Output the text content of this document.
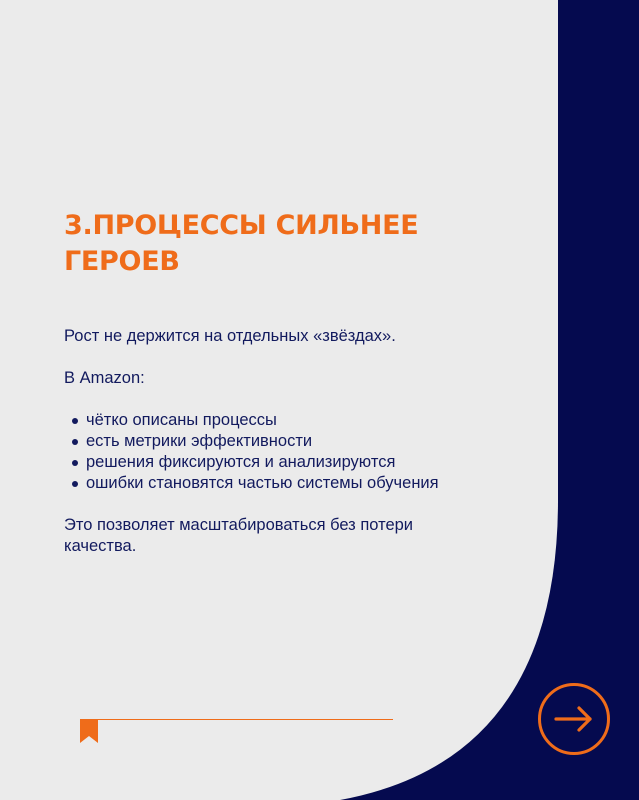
3.ПРОЦЕССЫ СИЛЬНЕЕ ГЕРОЕВ

Рост не держится на отдельных «звёздах».

В Amazon:

чётко описаны процессы
есть метрики эффективности
решения фиксируются и анализируются
ошибки становятся частью системы обучения

Это позволяет масштабироваться без потери качества.
